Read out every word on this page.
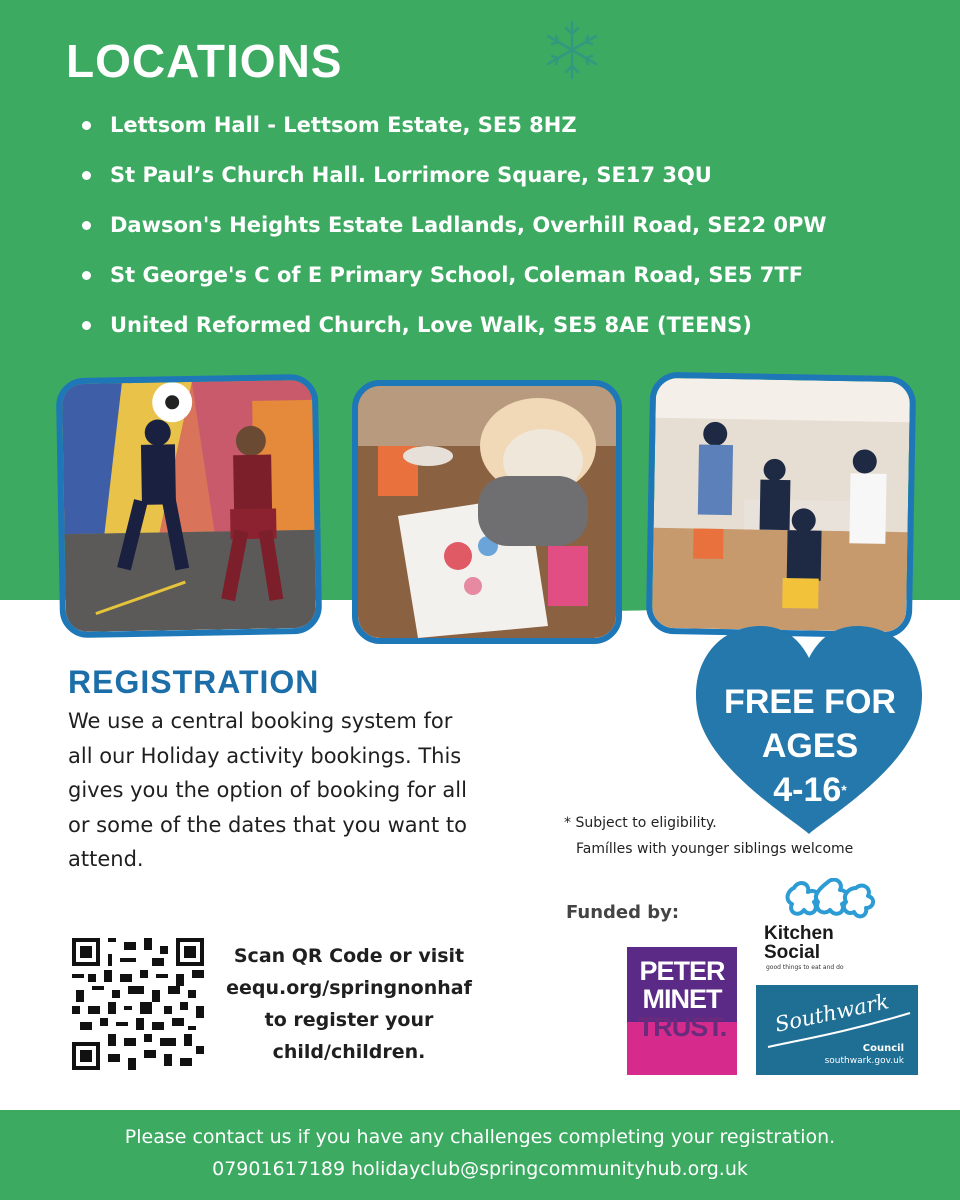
LOCATIONS
Lettsom Hall - Lettsom Estate, SE5 8HZ
St Paul’s Church Hall. Lorrimore Square, SE17 3QU
Dawson's Heights Estate Ladlands, Overhill Road, SE22 0PW
St George's C of E Primary School, Coleman Road, SE5 7TF
United Reformed Church, Love Walk, SE5 8AE (TEENS)
REGISTRATION

We use a central booking system for all our Holiday activity bookings. This gives you the option of booking for all or some of the dates that you want to attend.

Scan QR Code or visit
eequ.org/springnonhaf
to register your
child/children.
FREE FOR
AGES
4-16*
* Subject to eligibility.
Famílles with younger siblings welcome
Funded by:
Kitchen
Social
good things to eat and do
PETER
MINET
TRUST.	Southwark
Council
southwark.gov.uk
Please contact us if you have any challenges completing your registration.
07901617189 holidayclub@springcommunityhub.org.uk
